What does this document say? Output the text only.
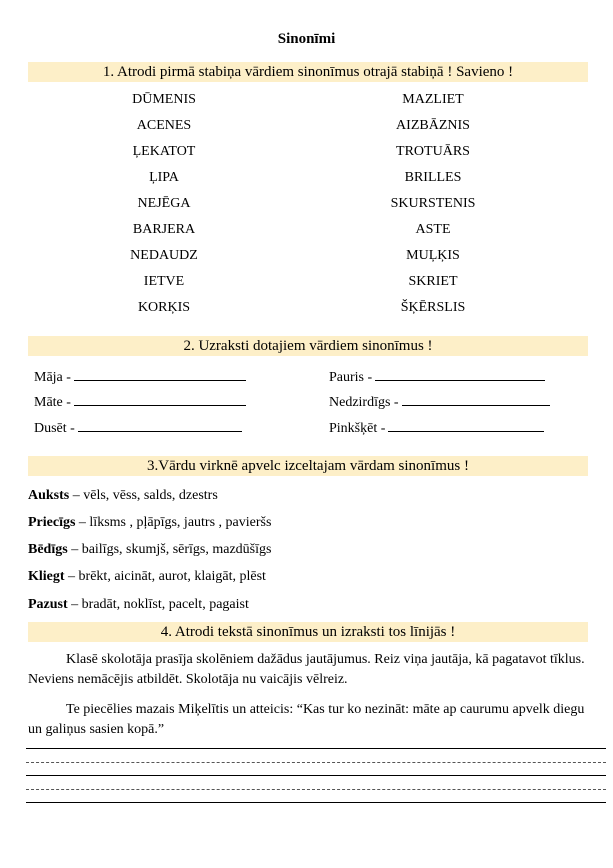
Sinonīmi
1. Atrodi pirmā stabiņa vārdiem sinonīmus otrajā stabiņā ! Savieno !
DŪMENIS
ACENES
ĻEKATOT
ĻIPA
NEJĒGA
BARJERA
NEDAUDZ
IETVE
KORĶIS
MAZLIET
AIZBĀZNIS
TROTUĀRS
BRILLES
SKURSTENIS
ASTE
MUĻĶIS
SKRIET
ŠĶĒRSLIS
2. Uzraksti dotajiem vārdiem sinonīmus !
Māja -
Māte -
Dusēt -
Pauris -
Nedzirdīgs -
Pinkšķēt -
3.Vārdu virknē apvelc izceltajam vārdam sinonīmus !
Auksts – vēls, vēss, salds, dzestrs
Priecīgs – līksms , pļāpīgs, jautrs , pavieršs
Bēdīgs – bailīgs, skumjš, sērīgs, mazdūšīgs
Kliegt – brēkt, aicināt, aurot, klaigāt, plēst
Pazust – bradāt, noklīst, pacelt, pagaist
4. Atrodi tekstā sinonīmus un izraksti tos līnijās !
Klasē skolotāja prasīja skolēniem dažādus jautājumus. Reiz viņa jautāja, kā pagatavot tīklus. Neviens nemācējis atbildēt. Skolotāja nu vaicājis vēlreiz.
Te piecēlies mazais Miķelītis un atteicis: “Kas tur ko nezināt: māte ap caurumu apvelk diegu un galiņus sasien kopā.”
